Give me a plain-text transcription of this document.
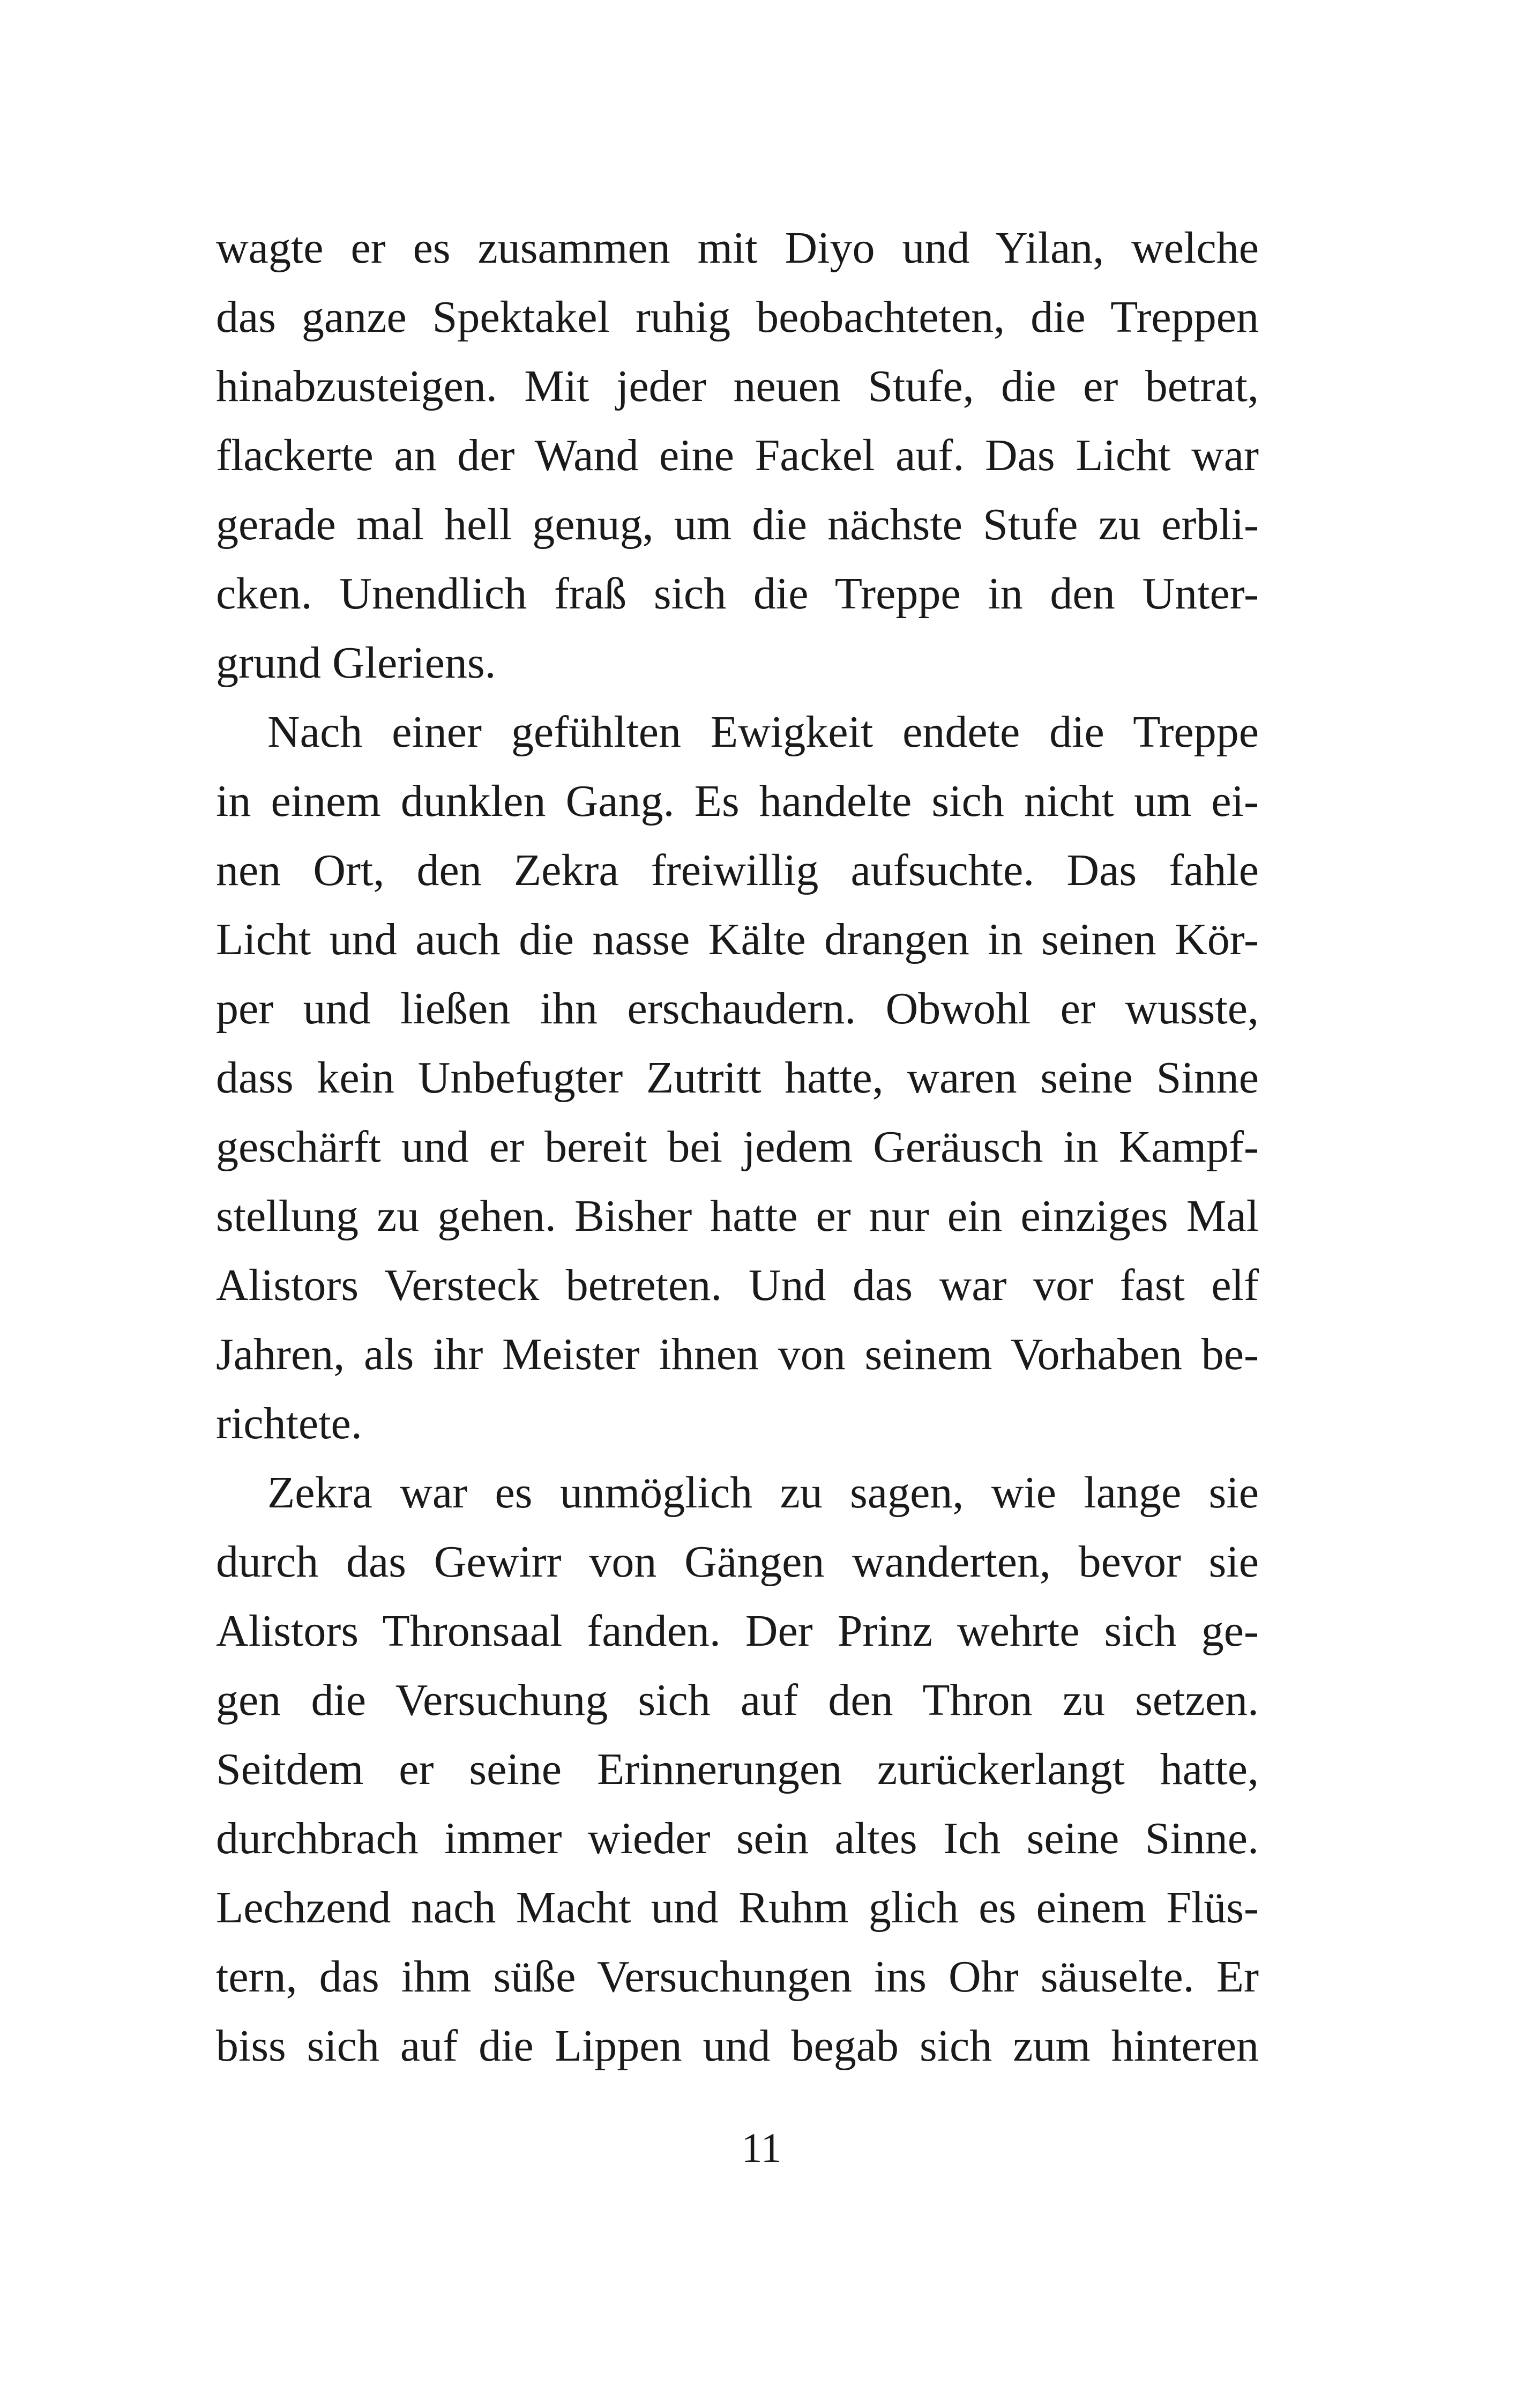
wagte er es zusammen mit Diyo und Yilan, welche
das ganze Spektakel ruhig beobachteten, die Treppen
hinabzusteigen. Mit jeder neuen Stufe, die er betrat,
flackerte an der Wand eine Fackel auf. Das Licht war
gerade mal hell genug, um die nächste Stufe zu erbli-
cken. Unendlich fraß sich die Treppe in den Unter-
grund Gleriens.
Nach einer gefühlten Ewigkeit endete die Treppe
in einem dunklen Gang. Es handelte sich nicht um ei-
nen Ort, den Zekra freiwillig aufsuchte. Das fahle
Licht und auch die nasse Kälte drangen in seinen Kör-
per und ließen ihn erschaudern. Obwohl er wusste,
dass kein Unbefugter Zutritt hatte, waren seine Sinne
geschärft und er bereit bei jedem Geräusch in Kampf-
stellung zu gehen. Bisher hatte er nur ein einziges Mal
Alistors Versteck betreten. Und das war vor fast elf
Jahren, als ihr Meister ihnen von seinem Vorhaben be-
richtete.
Zekra war es unmöglich zu sagen, wie lange sie
durch das Gewirr von Gängen wanderten, bevor sie
Alistors Thronsaal fanden. Der Prinz wehrte sich ge-
gen die Versuchung sich auf den Thron zu setzen.
Seitdem er seine Erinnerungen zurückerlangt hatte,
durchbrach immer wieder sein altes Ich seine Sinne.
Lechzend nach Macht und Ruhm glich es einem Flüs-
tern, das ihm süße Versuchungen ins Ohr säuselte. Er
biss sich auf die Lippen und begab sich zum hinteren
11
